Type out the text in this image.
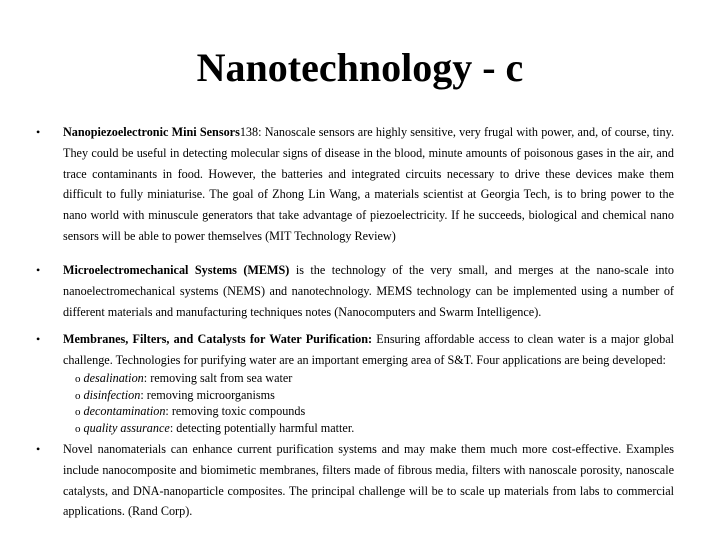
Nanotechnology - c
• Nanopiezoelectronic Mini Sensors138: Nanoscale sensors are highly sensitive, very frugal with power, and, of course, tiny. They could be useful in detecting molecular signs of disease in the blood, minute amounts of poisonous gases in the air, and trace contaminants in food. However, the batteries and integrated circuits necessary to drive these devices make them difficult to fully miniaturise. The goal of Zhong Lin Wang, a materials scientist at Georgia Tech, is to bring power to the nano world with minuscule generators that take advantage of piezoelectricity. If he succeeds, biological and chemical nano sensors will be able to power themselves (MIT Technology Review)

• Microelectromechanical Systems (MEMS) is the technology of the very small, and merges at the nano-scale into nanoelectromechanical systems (NEMS) and nanotechnology. MEMS technology can be implemented using a number of different materials and manufacturing techniques notes (Nanocomputers and Swarm Intelligence).

• Membranes, Filters, and Catalysts for Water Purification: Ensuring affordable access to clean water is a major global challenge. Technologies for purifying water are an important emerging area of S&T. Four applications are being developed:

o desalination: removing salt from sea water
o disinfection: removing microorganisms
o decontamination: removing toxic compounds
o quality assurance: detecting potentially harmful matter.
• Novel nanomaterials can enhance current purification systems and may make them much more cost-effective. Examples include nanocomposite and biomimetic membranes, filters made of fibrous media, filters with nanoscale porosity, nanoscale catalysts, and DNA-nanoparticle composites. The principal challenge will be to scale up materials from labs to commercial applications. (Rand Corp).
